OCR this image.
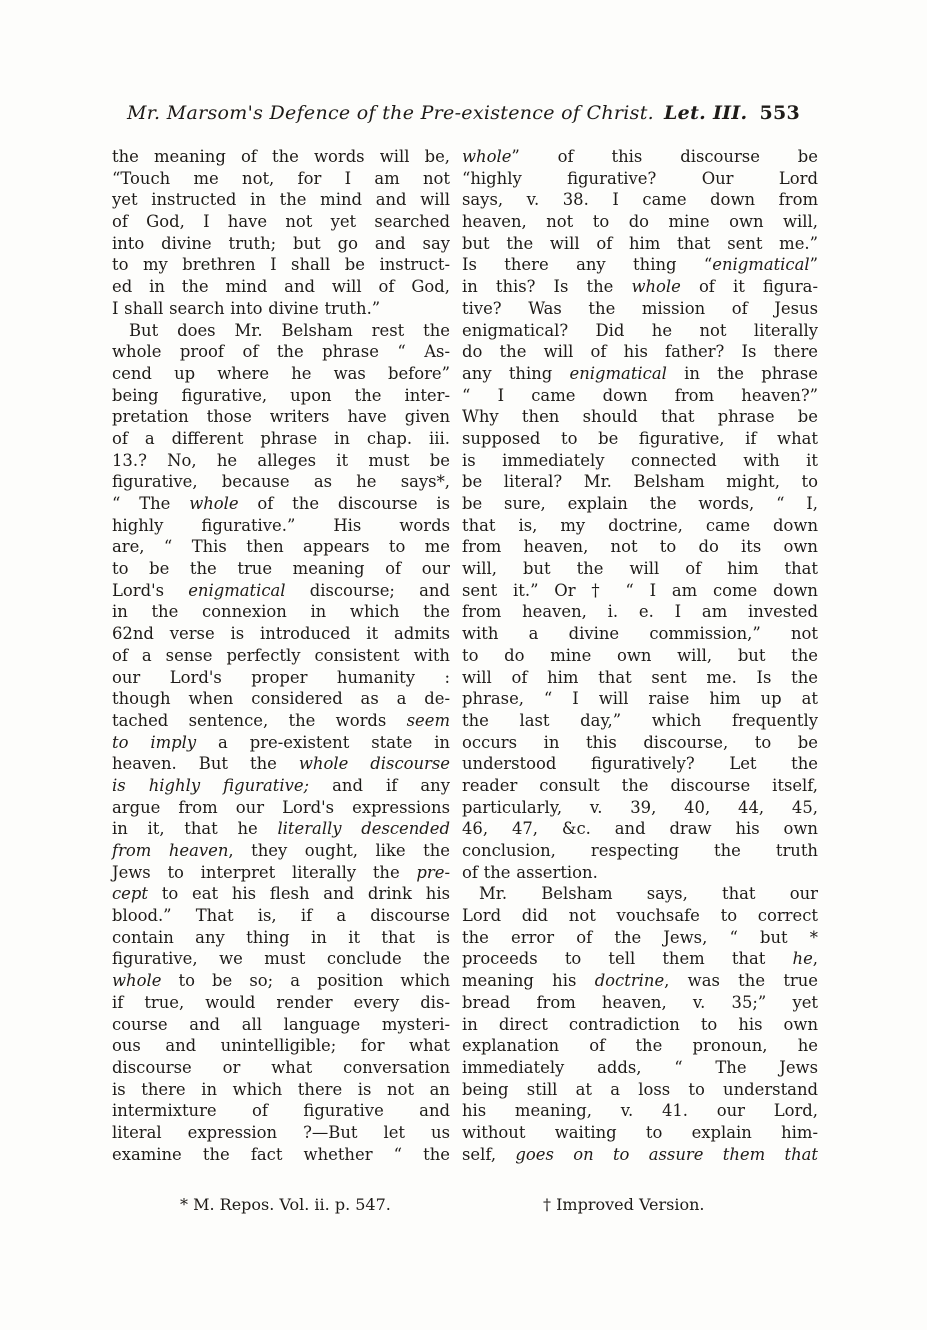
Mr. Marsom's Defence of the Pre-existence of Christ. Let. III. 553
the meaning of the words will be,
“Touch me not, for I am not
yet instructed in the mind and will
of God, I have not yet searched
into divine truth; but go and say
to my brethren I shall be instruct-
ed in the mind and will of God,
I shall search into divine truth.”
But does Mr. Belsham rest the
whole proof of the phrase “ As-
cend up where he was before”
being figurative, upon the inter-
pretation those writers have given
of a different phrase in chap. iii.
13.? No, he alleges it must be
figurative, because as he says*,
“ The whole of the discourse is
highly figurative.” His words
are, “ This then appears to me
to be the true meaning of our
Lord's enigmatical discourse; and
in the connexion in which the
62nd verse is introduced it admits
of a sense perfectly consistent with
our Lord's proper humanity :
though when considered as a de-
tached sentence, the words seem
to imply a pre-existent state in
heaven. But the whole discourse
is highly figurative; and if any
argue from our Lord's expressions
in it, that he literally descended
from heaven, they ought, like the
Jews to interpret literally the pre-
cept to eat his flesh and drink his
blood.” That is, if a discourse
contain any thing in it that is
figurative, we must conclude the
whole to be so; a position which
if true, would render every dis-
course and all language mysteri-
ous and unintelligible; for what
discourse or what conversation
is there in which there is not an
intermixture of figurative and
literal expression ?—But let us
examine the fact whether “ the
whole” of this discourse be
“highly figurative? Our Lord
says, v. 38. I came down from
heaven, not to do mine own will,
but the will of him that sent me.”
Is there any thing “enigmatical”
in this? Is the whole of it figura-
tive? Was the mission of Jesus
enigmatical? Did he not literally
do the will of his father? Is there
any thing enigmatical in the phrase
“ I came down from heaven?”
Why then should that phrase be
supposed to be figurative, if what
is immediately connected with it
be literal? Mr. Belsham might, to
be sure, explain the words, “ I,
that is, my doctrine, came down
from heaven, not to do its own
will, but the will of him that
sent it.” Or † “ I am come down
from heaven, i. e. I am invested
with a divine commission,” not
to do mine own will, but the
will of him that sent me. Is the
phrase, “ I will raise him up at
the last day,” which frequently
occurs in this discourse, to be
understood figuratively? Let the
reader consult the discourse itself,
particularly, v. 39, 40, 44, 45,
46, 47, &c. and draw his own
conclusion, respecting the truth
of the assertion.
Mr. Belsham says, that our
Lord did not vouchsafe to correct
the error of the Jews, “ but *
proceeds to tell them that he,
meaning his doctrine, was the true
bread from heaven, v. 35;” yet
in direct contradiction to his own
explanation of the pronoun, he
immediately adds, “ The Jews
being still at a loss to understand
his meaning, v. 41. our Lord,
without waiting to explain him-
self, goes on to assure them that
* M. Repos. Vol. ii. p. 547.	† Improved Version.
